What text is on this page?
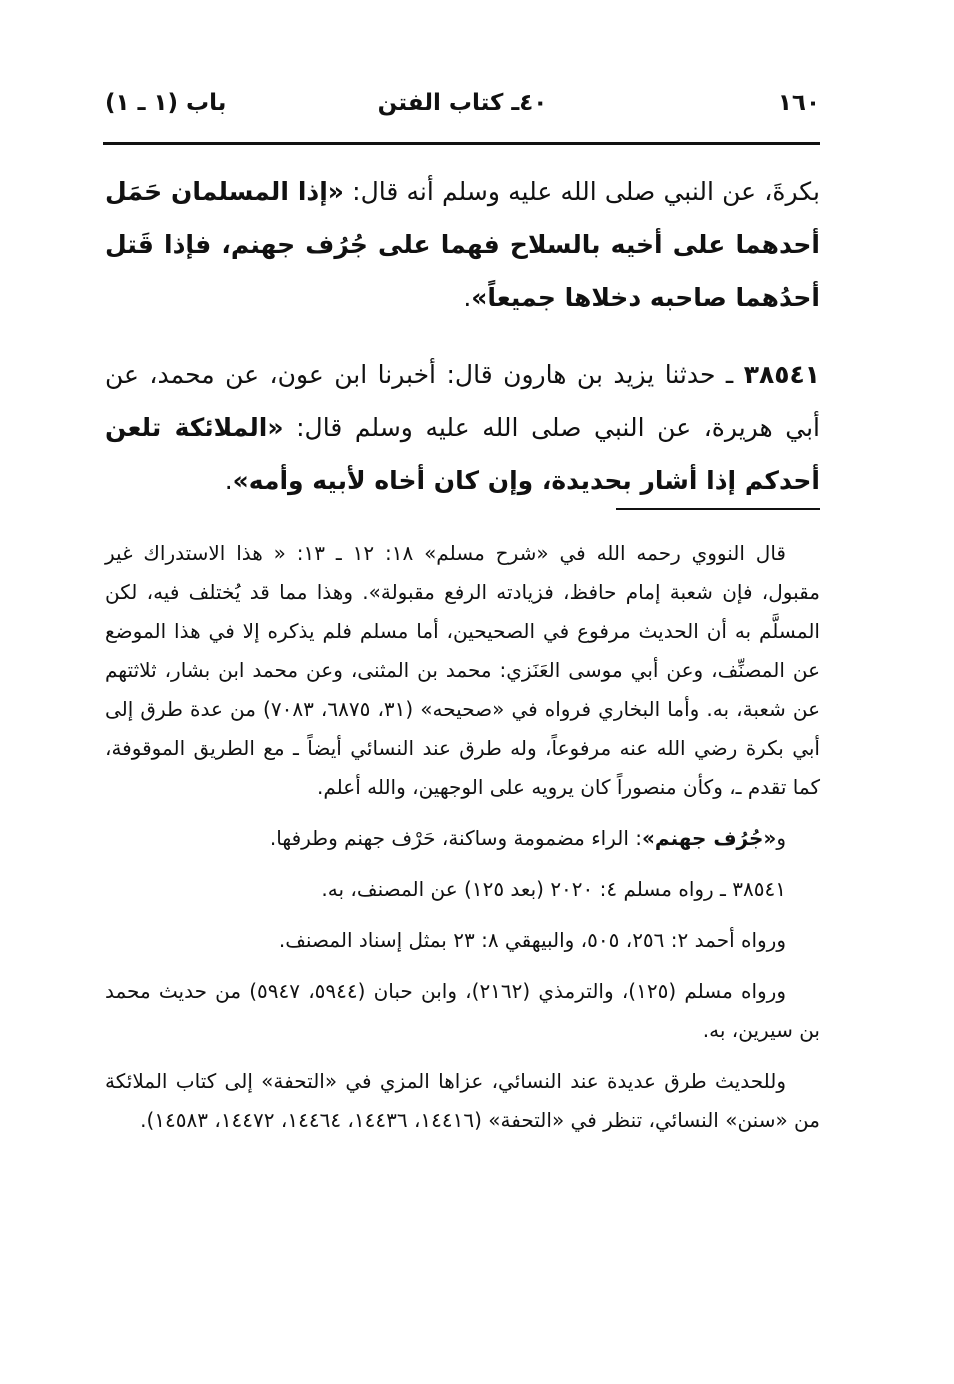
١٦٠
٤٠ـ كتاب الفتن
باب (١ ـ ١)

بكرةَ، عن النبي صلى الله عليه وسلم أنه قال: «إذا المسلمان حَمَل أحدهما على أخيه بالسلاح فهما على جُرُف جهنم، فإذا قَتل أحدُهما صاحبه دخلاها جميعاً».

٣٨٥٤١ ـ حدثنا يزيد بن هارون قال: أخبرنا ابن عون، عن محمد، عن أبي هريرة، عن النبي صلى الله عليه وسلم قال: «الملائكة تلعن أحدكم إذا أشار بحديدة، وإن كان أخاه لأبيه وأمه».

قال النووي رحمه الله في «شرح مسلم» ١٨: ١٢ ـ ١٣: « هذا الاستدراك غير مقبول، فإن شعبة إمام حافظ، فزيادته الرفع مقبولة». وهذا مما قد يُختلف فيه، لكن المسلَّم به أن الحديث مرفوع في الصحيحين، أما مسلم فلم يذكره إلا في هذا الموضع عن المصنِّف، وعن أبي موسى العَنَزي: محمد بن المثنى، وعن محمد ابن بشار، ثلاثتهم عن شعبة، به. وأما البخاري فرواه في «صحيحه» (٣١، ٦٨٧٥، ٧٠٨٣) من عدة طرق إلى أبي بكرة رضي الله عنه مرفوعاً، وله طرق عند النسائي أيضاً ـ مع الطريق الموقوفة، كما تقدم ـ، وكأن منصوراً كان يرويه على الوجهين، والله أعلم.

و«جُرُف جهنم»: الراء مضمومة وساكنة، حَرْف جهنم وطرفها.

٣٨٥٤١ ـ رواه مسلم ٤: ٢٠٢٠ (بعد ١٢٥) عن المصنف، به.

ورواه أحمد ٢: ٢٥٦، ٥٠٥، والبيهقي ٨: ٢٣ بمثل إسناد المصنف.

ورواه مسلم (١٢٥)، والترمذي (٢١٦٢)، وابن حبان (٥٩٤٤، ٥٩٤٧) من حديث محمد بن سيرين، به.

وللحديث طرق عديدة عند النسائي، عزاها المزي في «التحفة» إلى كتاب الملائكة من «سنن» النسائي، تنظر في «التحفة» (١٤٤١٦، ١٤٤٣٦، ١٤٤٦٤، ١٤٤٧٢، ١٤٥٨٣).
